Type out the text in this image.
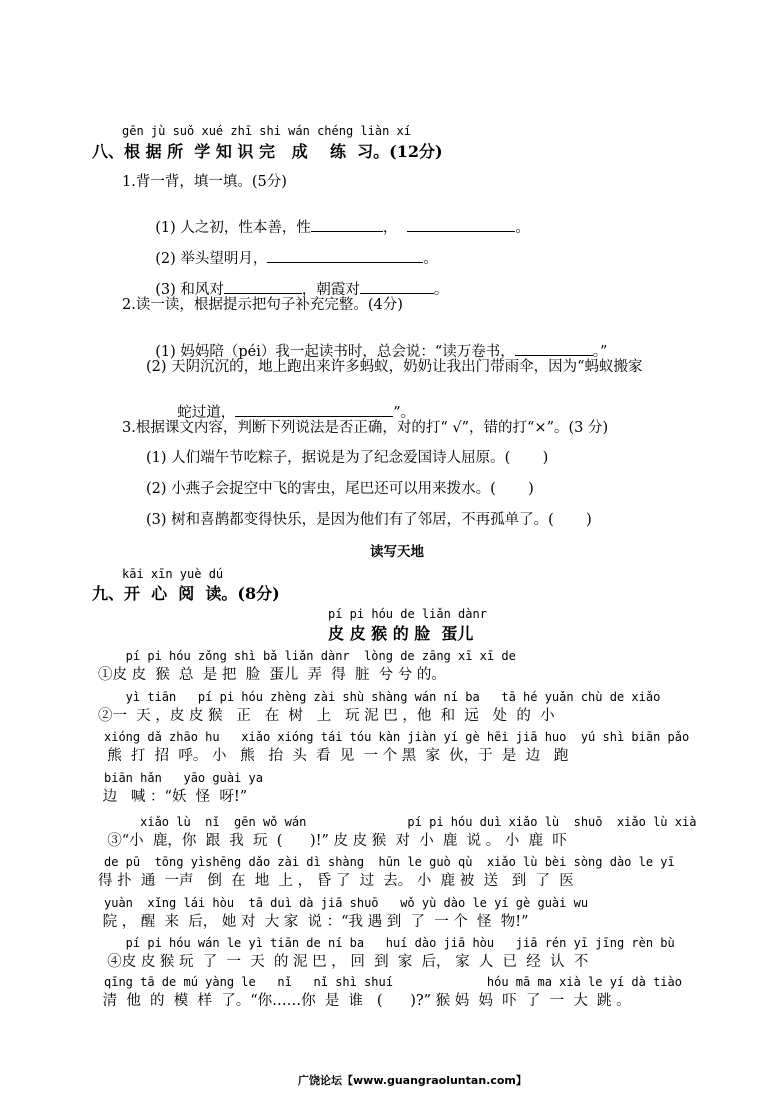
gēn jù suǒ xué zhī shi wán chéng liàn xí
八、根 据 所  学 知 识 完   成    练  习。(12分)
1.背一背，填一填。(5分)

(1) 人之初，性本善，性	，	。

(2) 举头望明月，	。

(3) 和风对	，朝霞对	。

2.读一读，根据提示把句子补充完整。(4分)

(1) 妈妈陪（péi）我一起读书时，总会说：“读万卷书，	。”

(2) 天阴沉沉的，地上跑出来许多蚂蚁，奶奶让我出门带雨伞，因为“蚂蚁搬家

蛇过道，	”。

3.根据课文内容，判断下列说法是否正确，对的打“ √”，错的打“×”。(3 分)
(1) 人们端午节吃粽子，据说是为了纪念爱国诗人屈原。(       )
(2) 小燕子会捉空中飞的害虫，尾巴还可以用来拨水。(       )
(3) 树和喜鹊都变得快乐，是因为他们有了邻居，不再孤单了。(       )
读写天地
kāi xīn yuè dú
九、开  心  阅  读。(8分)
pí pi hóu de liǎn dànr
皮 皮 猴 的 脸  蛋儿
pí pi hóu zǒng shì bǎ liǎn dànr  lòng de zāng xī xī de
①皮 皮  猴  总  是 把  脸  蛋儿  弄  得  脏  兮 兮 的。
yì tiān   pí pi hóu zhèng zài shù shàng wán ní ba   tā hé yuǎn chù de xiǎo
②一  天 ，皮 皮 猴   正   在  树   上   玩 泥 巴 ，他  和  远   处  的  小
xióng dǎ zhāo hu   xiǎo xióng tái tóu kàn jiàn yí gè hēi jiā huo  yú shì biān pǎo
熊  打  招  呼。 小   熊   抬  头  看  见  一 个 黑  家  伙，于  是  边   跑
biān hǎn   yāo guài ya
边   喊 ：“妖  怪  呀!”
xiǎo lù  nǐ  gēn wǒ wán              pí pi hóu duì xiǎo lù  shuō  xiǎo lù xià
③“小  鹿，你  跟  我  玩  (      )!” 皮 皮 猴  对  小  鹿  说 。 小  鹿  吓
de pū  tōng yìshēng dǎo zài dì shàng  hūn le guò qù  xiǎo lù bèi sòng dào le yī
得 扑  通  一声   倒  在  地  上 ， 昏 了  过  去。 小  鹿 被  送   到  了  医
yuàn  xǐng lái hòu  tā duì dà jiā shuō   wǒ yù dào le yí gè guài wu
院 ， 醒  来  后， 她 对  大 家  说 ：“我 遇 到  了  一 个  怪  物!”
pí pi hóu wán le yì tiān de ní ba   huí dào jiā hòu   jiā rén yī jīng rèn bù
④皮 皮 猴 玩  了  一  天  的 泥 巴 ， 回  到  家  后， 家  人  已  经  认  不
qīng tā de mú yàng le   nǐ   nǐ shì shuí             hóu mā ma xià le yí dà tiào
清  他  的  模  样  了。“你……你  是  谁   (      )?” 猴 妈  妈  吓  了  一  大  跳 。
广饶论坛【www.guangraoluntan.com】
